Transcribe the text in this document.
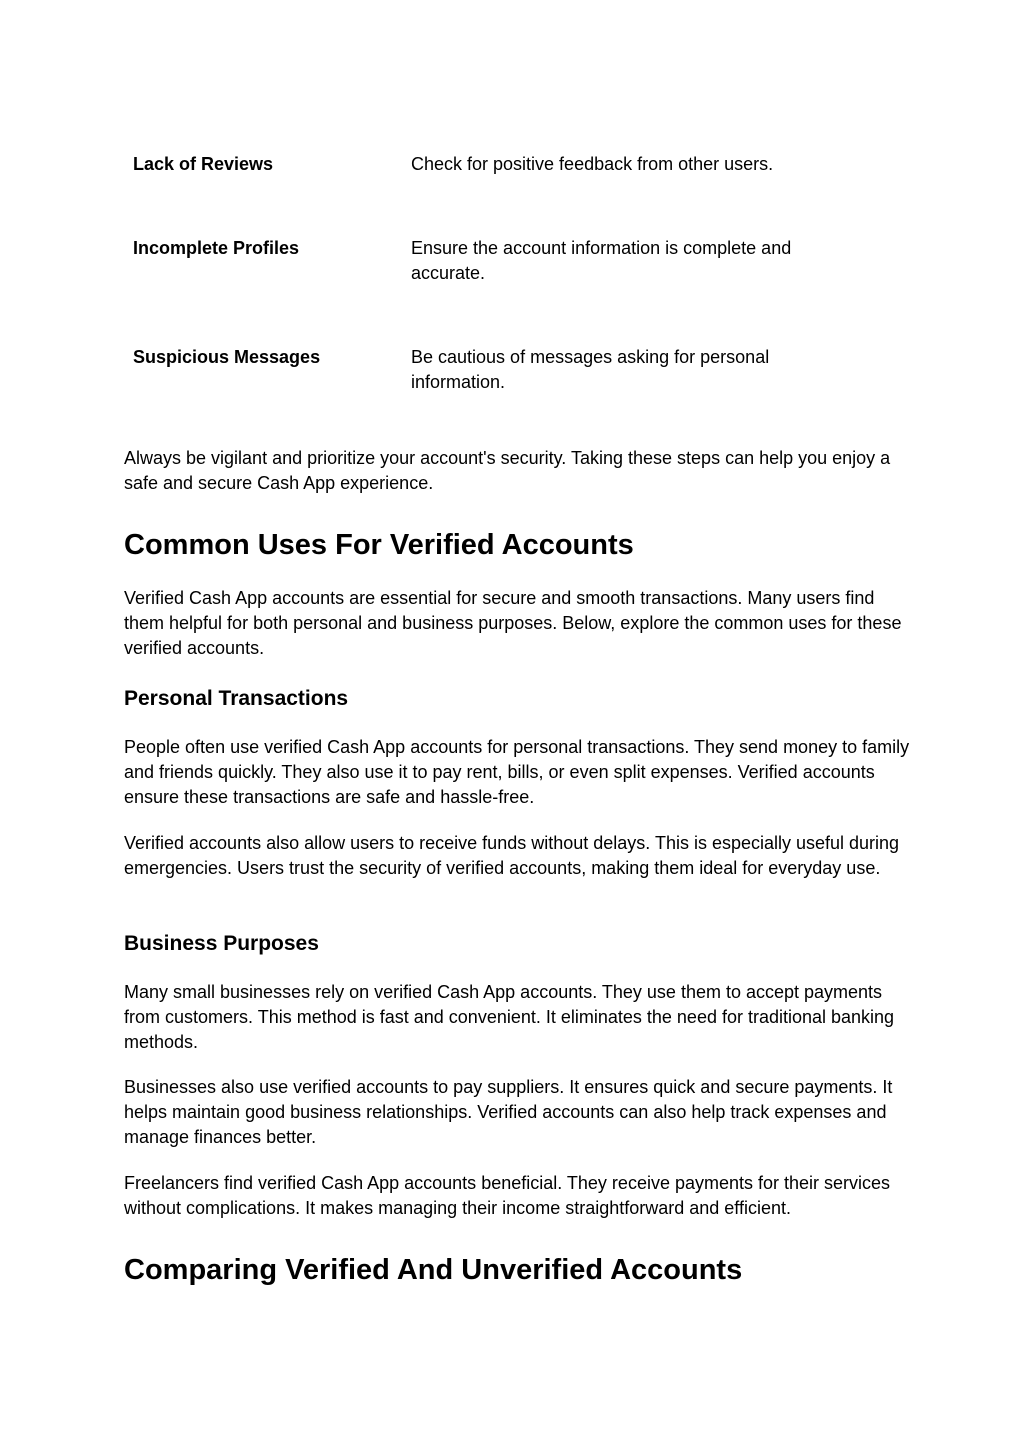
Lack of Reviews	Check for positive feedback from other users.
Incomplete Profiles	Ensure the account information is complete and accurate.
Suspicious Messages	Be cautious of messages asking for personal information.

Always be vigilant and prioritize your account's security. Taking these steps can help you enjoy a safe and secure Cash App experience.

Common Uses For Verified Accounts

Verified Cash App accounts are essential for secure and smooth transactions. Many users find them helpful for both personal and business purposes. Below, explore the common uses for these verified accounts.

Personal Transactions

People often use verified Cash App accounts for personal transactions. They send money to family and friends quickly. They also use it to pay rent, bills, or even split expenses. Verified accounts ensure these transactions are safe and hassle-free.

Verified accounts also allow users to receive funds without delays. This is especially useful during emergencies. Users trust the security of verified accounts, making them ideal for everyday use.

Business Purposes

Many small businesses rely on verified Cash App accounts. They use them to accept payments from customers. This method is fast and convenient. It eliminates the need for traditional banking methods.

Businesses also use verified accounts to pay suppliers. It ensures quick and secure payments. It helps maintain good business relationships. Verified accounts can also help track expenses and manage finances better.

Freelancers find verified Cash App accounts beneficial. They receive payments for their services without complications. It makes managing their income straightforward and efficient.

Comparing Verified And Unverified Accounts
